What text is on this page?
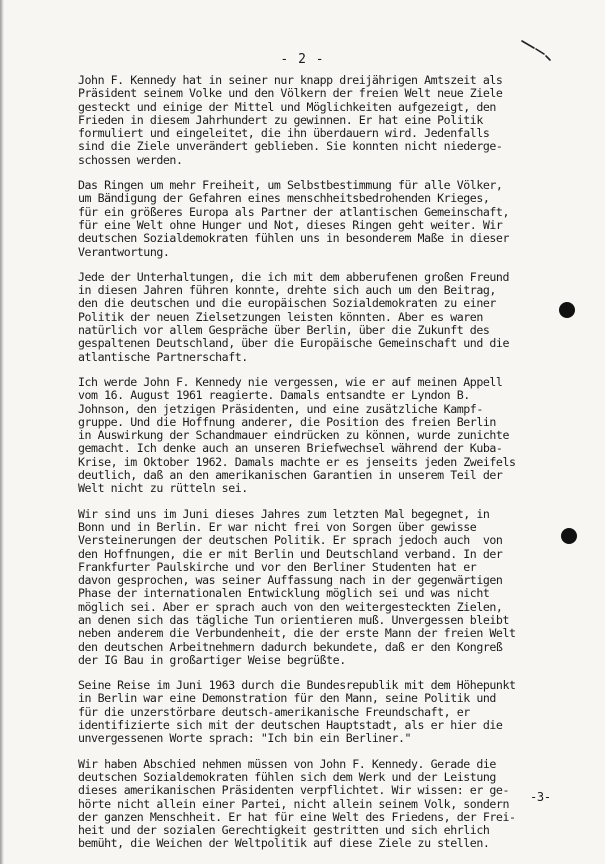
- 2 -

John F. Kennedy hat in seiner nur knapp dreijährigen Amtszeit als
Präsident seinem Volke und den Völkern der freien Welt neue Ziele
gesteckt und einige der Mittel und Möglichkeiten aufgezeigt, den
Frieden in diesem Jahrhundert zu gewinnen. Er hat eine Politik
formuliert und eingeleitet, die ihn überdauern wird. Jedenfalls
sind die Ziele unverändert geblieben. Sie konnten nicht niederge-
schossen werden.

Das Ringen um mehr Freiheit, um Selbstbestimmung für alle Völker,
um Bändigung der Gefahren eines menschheitsbedrohenden Krieges,
für ein größeres Europa als Partner der atlantischen Gemeinschaft,
für eine Welt ohne Hunger und Not, dieses Ringen geht weiter. Wir
deutschen Sozialdemokraten fühlen uns in besonderem Maße in dieser
Verantwortung.

Jede der Unterhaltungen, die ich mit dem abberufenen großen Freund
in diesen Jahren führen konnte, drehte sich auch um den Beitrag,
den die deutschen und die europäischen Sozialdemokraten zu einer
Politik der neuen Zielsetzungen leisten könnten. Aber es waren
natürlich vor allem Gespräche über Berlin, über die Zukunft des
gespaltenen Deutschland, über die Europäische Gemeinschaft und die
atlantische Partnerschaft.

Ich werde John F. Kennedy nie vergessen, wie er auf meinen Appell
vom 16. August 1961 reagierte. Damals entsandte er Lyndon B.
Johnson, den jetzigen Präsidenten, und eine zusätzliche Kampf-
gruppe. Und die Hoffnung anderer, die Position des freien Berlin
in Auswirkung der Schandmauer eindrücken zu können, wurde zunichte
gemacht. Ich denke auch an unseren Briefwechsel während der Kuba-
Krise, im Oktober 1962. Damals machte er es jenseits jeden Zweifels
deutlich, daß an den amerikanischen Garantien in unserem Teil der
Welt nicht zu rütteln sei.

Wir sind uns im Juni dieses Jahres zum letzten Mal begegnet, in
Bonn und in Berlin. Er war nicht frei von Sorgen über gewisse
Versteinerungen der deutschen Politik. Er sprach jedoch auch  von
den Hoffnungen, die er mit Berlin und Deutschland verband. In der
Frankfurter Paulskirche und vor den Berliner Studenten hat er
davon gesprochen, was seiner Auffassung nach in der gegenwärtigen
Phase der internationalen Entwicklung möglich sei und was nicht
möglich sei. Aber er sprach auch von den weitergesteckten Zielen,
an denen sich das tägliche Tun orientieren muß. Unvergessen bleibt
neben anderem die Verbundenheit, die der erste Mann der freien Welt
den deutschen Arbeitnehmern dadurch bekundete, daß er den Kongreß
der IG Bau in großartiger Weise begrüßte.

Seine Reise im Juni 1963 durch die Bundesrepublik mit dem Höhepunkt
in Berlin war eine Demonstration für den Mann, seine Politik und
für die unzerstörbare deutsch-amerikanische Freundschaft, er
identifizierte sich mit der deutschen Hauptstadt, als er hier die
unvergessenen Worte sprach: "Ich bin ein Berliner."

Wir haben Abschied nehmen müssen von John F. Kennedy. Gerade die
deutschen Sozialdemokraten fühlen sich dem Werk und der Leistung
dieses amerikanischen Präsidenten verpflichtet. Wir wissen: er ge-
hörte nicht allein einer Partei, nicht allein seinem Volk, sondern
der ganzen Menschheit. Er hat für eine Welt des Friedens, der Frei-
heit und der sozialen Gerechtigkeit gestritten und sich ehrlich
bemüht, die Weichen der Weltpolitik auf diese Ziele zu stellen.

-3-
